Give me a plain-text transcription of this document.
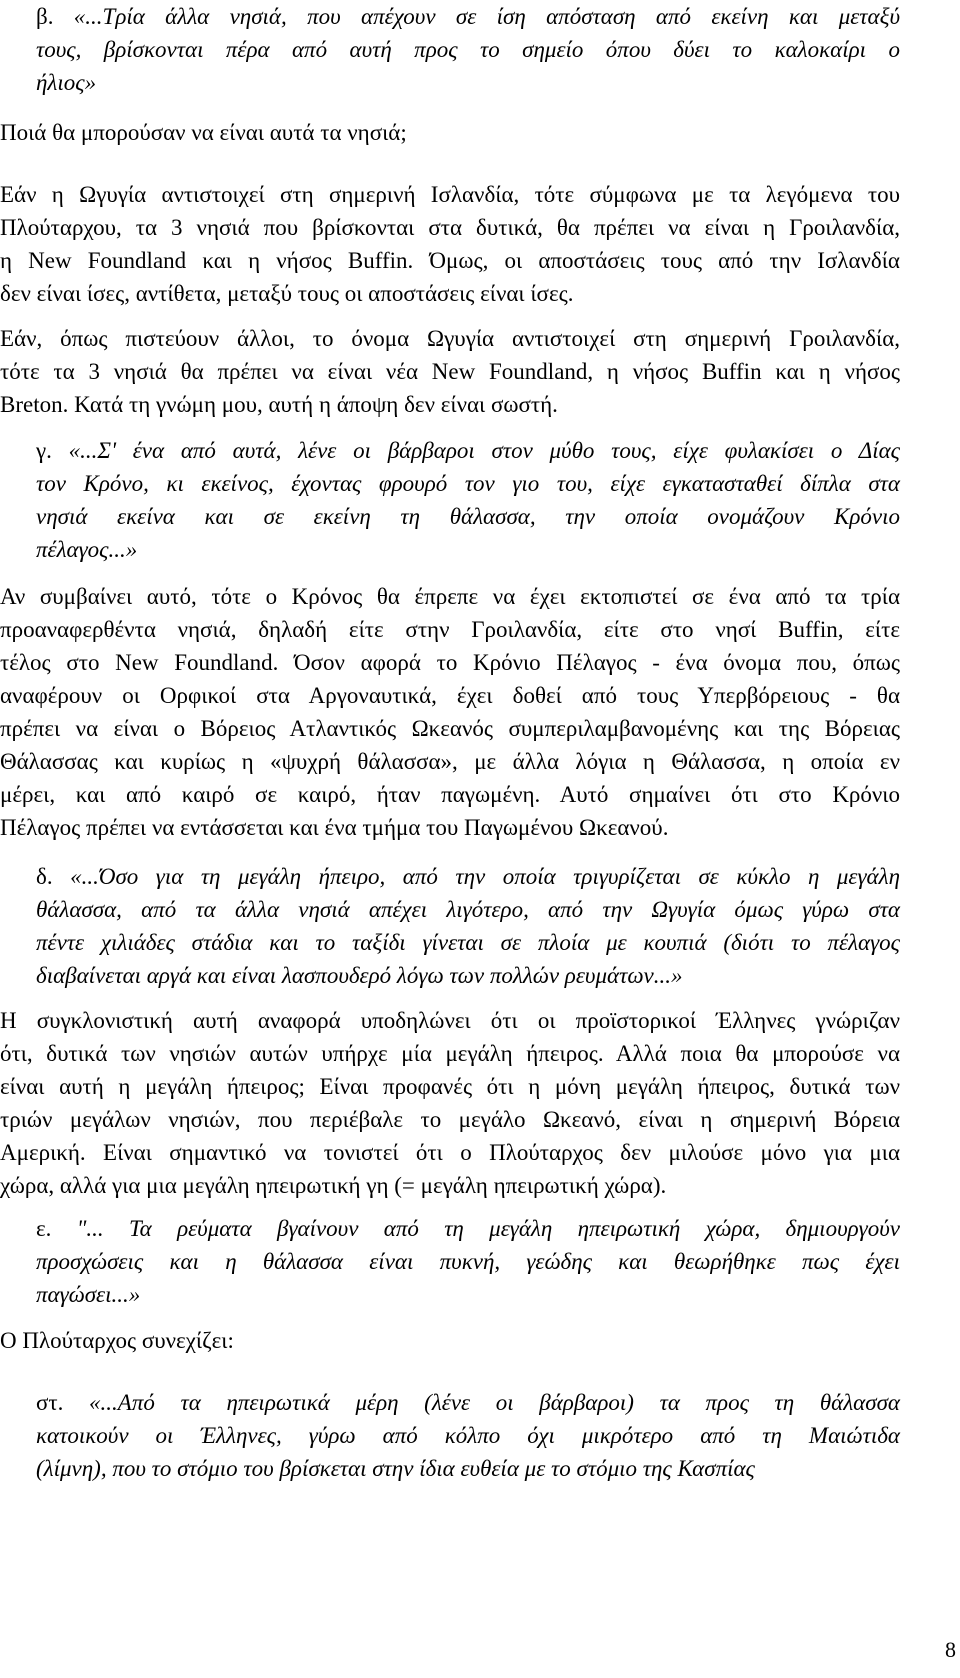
β. «...Τρία άλλα νησιά, που απέχουν σε ίση απόσταση από εκείνη και μεταξύ
τους, βρίσκονται πέρα από αυτή προς το σημείο όπου δύει το καλοκαίρι ο
ήλιος»

Ποιά θα μπορούσαν να είναι αυτά τα νησιά;

Εάν η Ωγυγία αντιστοιχεί στη σημερινή Ισλανδία, τότε σύμφωνα με τα λεγόμενα του
Πλούταρχου, τα 3 νησιά που βρίσκονται στα δυτικά, θα πρέπει να είναι η Γροιλανδία,
η New Foundland και η νήσος Buffin. Όμως, οι αποστάσεις τους από την Ισλανδία
δεν είναι ίσες, αντίθετα, μεταξύ τους οι αποστάσεις είναι ίσες.
Εάν, όπως πιστεύουν άλλοι, το όνομα Ωγυγία αντιστοιχεί στη σημερινή Γροιλανδία,
τότε τα 3 νησιά θα πρέπει να είναι νέα New Foundland, η νήσος Buffin και η νήσος
Breton. Κατά τη γνώμη μου, αυτή η άποψη δεν είναι σωστή.
γ. «...Σ' ένα από αυτά, λένε οι βάρβαροι στον μύθο τους, είχε φυλακίσει ο Δίας
τον Κρόνο, κι εκείνος, έχοντας φρουρό τον γιο του, είχε εγκατασταθεί δίπλα στα
νησιά εκείνα και σε εκείνη τη θάλασσα, την οποία ονομάζουν Κρόνιο
πέλαγος...»
Αν συμβαίνει αυτό, τότε ο Κρόνος θα έπρεπε να έχει εκτοπιστεί σε ένα από τα τρία
προαναφερθέντα νησιά, δηλαδή είτε στην Γροιλανδία, είτε στο νησί Buffin, είτε
τέλος στο New Foundland. Όσον αφορά το Κρόνιο Πέλαγος - ένα όνομα που, όπως
αναφέρουν οι Ορφικοί στα Αργοναυτικά, έχει δοθεί από τους Υπερβόρειους - θα
πρέπει να είναι ο Βόρειος Ατλαντικός Ωκεανός συμπεριλαμβανομένης και της Βόρειας
Θάλασσας και κυρίως η «ψυχρή θάλασσα», με άλλα λόγια η Θάλασσα, η οποία εν
μέρει, και από καιρό σε καιρό, ήταν παγωμένη. Αυτό σημαίνει ότι στο Κρόνιο
Πέλαγος πρέπει να εντάσσεται και ένα τμήμα του Παγωμένου Ωκεανού.
δ. «...Όσο για τη μεγάλη ήπειρο, από την οποία τριγυρίζεται σε κύκλο η μεγάλη
θάλασσα, από τα άλλα νησιά απέχει λιγότερο, από την Ωγυγία όμως γύρω στα
πέντε χιλιάδες στάδια και το ταξίδι γίνεται σε πλοία με κουπιά (διότι το πέλαγος
διαβαίνεται αργά και είναι λασπουδερό λόγω των πολλών ρευμάτων...»
Η συγκλονιστική αυτή αναφορά υποδηλώνει ότι οι προϊστορικοί Έλληνες γνώριζαν
ότι, δυτικά των νησιών αυτών υπήρχε μία μεγάλη ήπειρος. Αλλά ποια θα μπορούσε να
είναι αυτή η μεγάλη ήπειρος; Είναι προφανές ότι η μόνη μεγάλη ήπειρος, δυτικά των
τριών μεγάλων νησιών, που περιέβαλε το μεγάλο Ωκεανό, είναι η σημερινή Βόρεια
Αμερική. Είναι σημαντικό να τονιστεί ότι ο Πλούταρχος δεν μιλούσε μόνο για μια
χώρα, αλλά για μια μεγάλη ηπειρωτική γη (= μεγάλη ηπειρωτική χώρα).
ε. "... Τα ρεύματα βγαίνουν από τη μεγάλη ηπειρωτική χώρα, δημιουργούν
προσχώσεις και η θάλασσα είναι πυκνή, γεώδης και θεωρήθηκε πως έχει
παγώσει...»

Ο Πλούταρχος συνεχίζει:

στ. «...Από τα ηπειρωτικά μέρη (λένε οι βάρβαροι) τα προς τη θάλασσα
κατοικούν οι Έλληνες, γύρω από κόλπο όχι μικρότερο από τη Μαιώτιδα
(λίμνη), που το στόμιο του βρίσκεται στην ίδια ευθεία με το στόμιο της Κασπίας
8
